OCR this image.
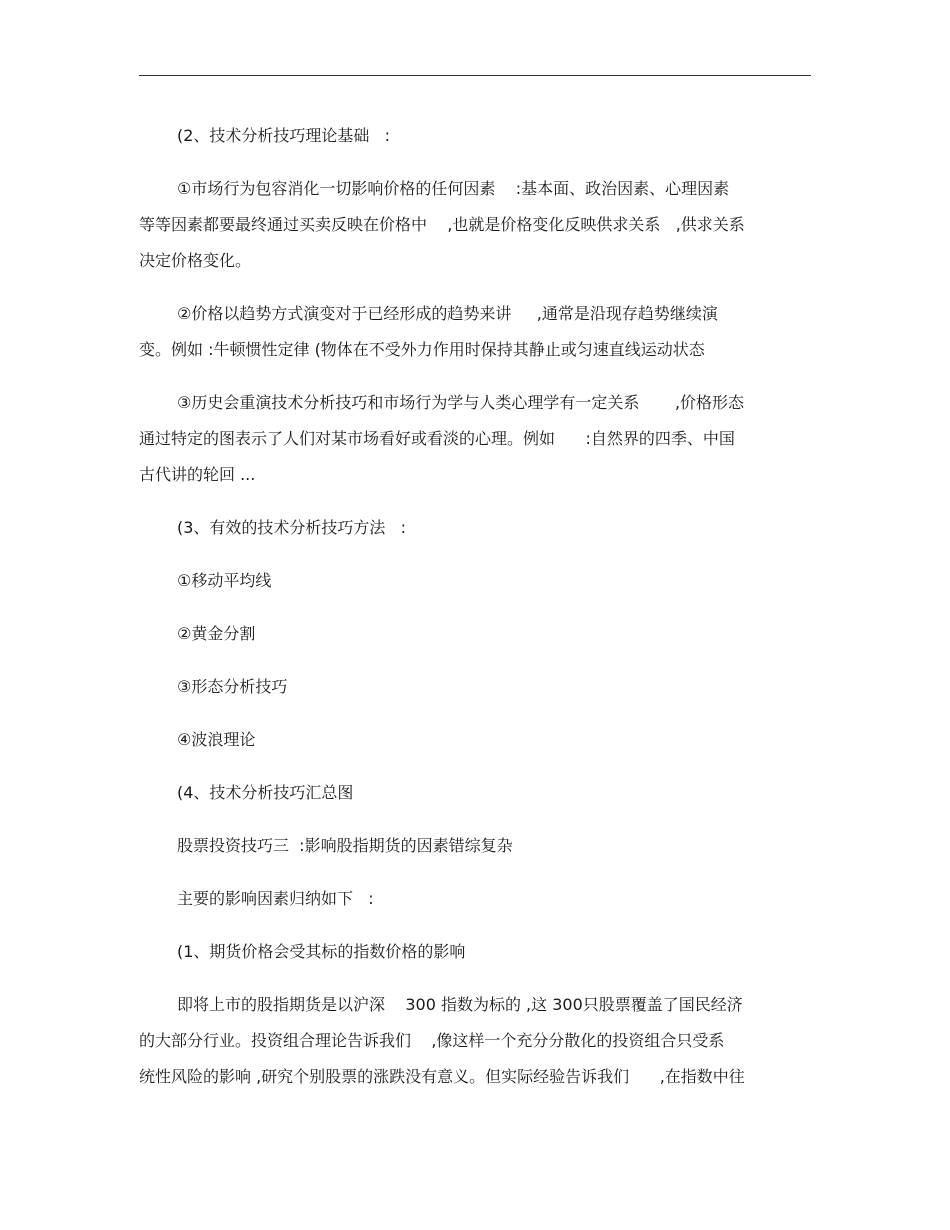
(2、技术分析技巧理论基础   :
①市场行为包容消化一切影响价格的任何因素    :基本面、政治因素、心理因素
等等因素都要最终通过买卖反映在价格中    ,也就是价格变化反映供求关系   ,供求关系
决定价格变化。
②价格以趋势方式演变对于已经形成的趋势来讲     ,通常是沿现存趋势继续演
变。例如 :牛顿惯性定律 (物体在不受外力作用时保持其静止或匀速直线运动状态
③历史会重演技术分析技巧和市场行为学与人类心理学有一定关系       ,价格形态
通过特定的图表示了人们对某市场看好或看淡的心理。例如      :自然界的四季、中国
古代讲的轮回 ...
(3、有效的技术分析技巧方法   :
①移动平均线
②黄金分割
③形态分析技巧
④波浪理论
(4、技术分析技巧汇总图
股票投资技巧三  :影响股指期货的因素错综复杂
主要的影响因素归纳如下   :
(1、期货价格会受其标的指数价格的影响
即将上市的股指期货是以沪深    300 指数为标的 ,这 300只股票覆盖了国民经济
的大部分行业。投资组合理论告诉我们    ,像这样一个充分分散化的投资组合只受系
统性风险的影响 ,研究个别股票的涨跌没有意义。但实际经验告诉我们      ,在指数中往
